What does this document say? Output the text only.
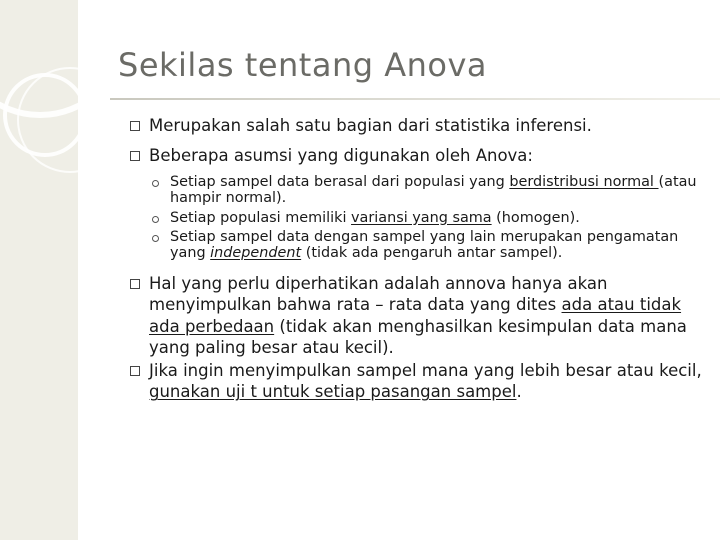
Sekilas tentang Anova
Merupakan salah satu bagian dari statistika inferensi.
Beberapa asumsi yang digunakan oleh Anova:
Setiap sampel data berasal dari populasi yang berdistribusi normal (atau hampir normal).
Setiap populasi memiliki variansi yang sama (homogen).
Setiap sampel data dengan sampel yang lain merupakan pengamatan yang independent (tidak ada pengaruh antar sampel).
Hal yang perlu diperhatikan adalah annova hanya akan menyimpulkan bahwa rata – rata data yang dites ada atau tidak ada perbedaan (tidak akan menghasilkan kesimpulan data mana yang paling besar atau kecil).
Jika ingin menyimpulkan sampel mana yang lebih besar atau kecil, gunakan uji t untuk setiap pasangan sampel.
